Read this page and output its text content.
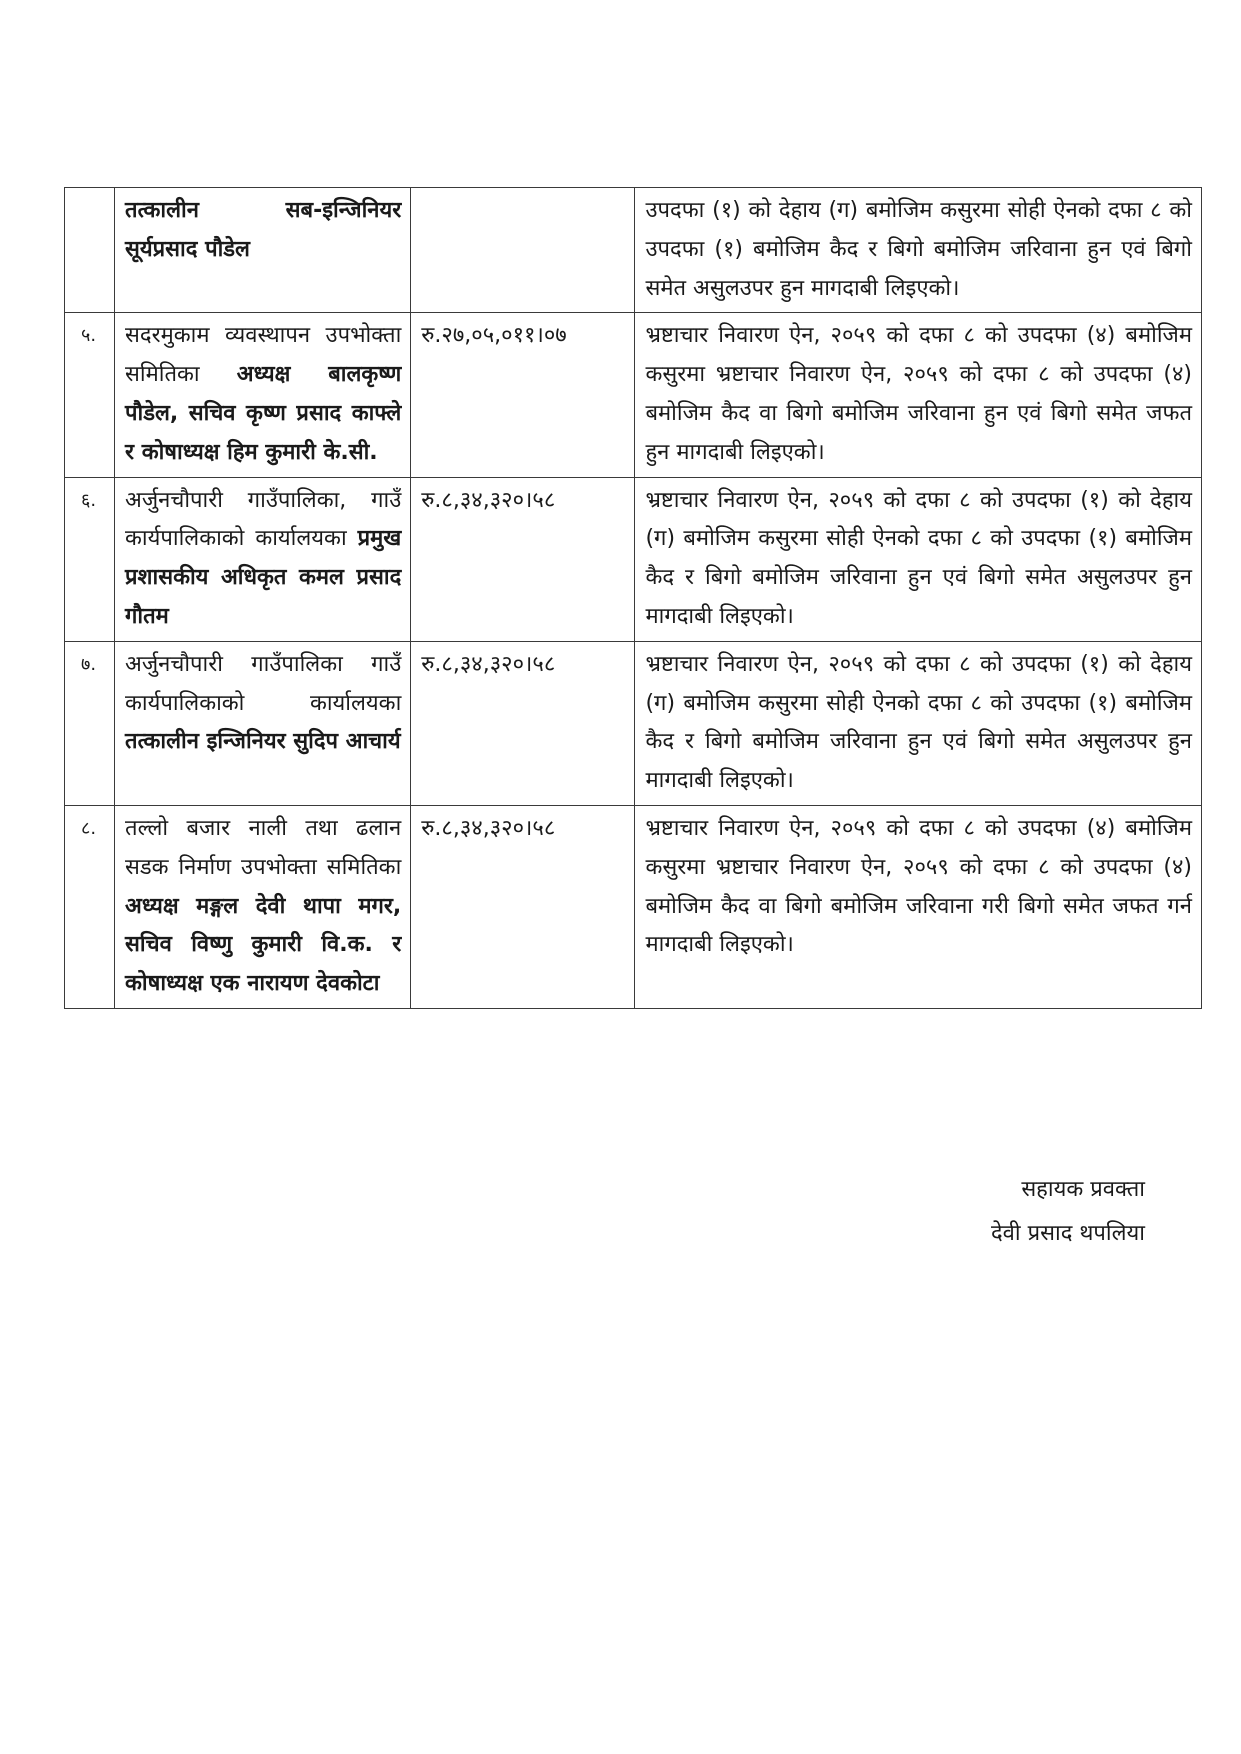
	तत्कालीन सब-इन्जिनियर सूर्यप्रसाद पौडेल		उपदफा (१) को देहाय (ग) बमोजिम कसुरमा सोही ऐनको दफा ८ को उपदफा (१) बमोजिम कैद र बिगो बमोजिम जरिवाना हुन एवं बिगो समेत असुलउपर हुन मागदाबी लिइएको।
५.	सदरमुकाम व्यवस्थापन उपभोक्ता समितिका अध्यक्ष बालकृष्ण पौडेल, सचिव कृष्ण प्रसाद काफ्ले र कोषाध्यक्ष हिम कुमारी के.सी.	रु.२७,०५,०११।०७	भ्रष्टाचार निवारण ऐन, २०५९ को दफा ८ को उपदफा (४) बमोजिम कसुरमा भ्रष्टाचार निवारण ऐन, २०५९ को दफा ८ को उपदफा (४) बमोजिम कैद वा बिगो बमोजिम जरिवाना हुन एवं बिगो समेत जफत हुन मागदाबी लिइएको।
६.	अर्जुनचौपारी गाउँपालिका, गाउँ कार्यपालिकाको कार्यालयका प्रमुख प्रशासकीय अधिकृत कमल प्रसाद गौतम	रु.८,३४,३२०।५८	भ्रष्टाचार निवारण ऐन, २०५९ को दफा ८ को उपदफा (१) को देहाय (ग) बमोजिम कसुरमा सोही ऐनको दफा ८ को उपदफा (१) बमोजिम कैद र बिगो बमोजिम जरिवाना हुन एवं बिगो समेत असुलउपर हुन मागदाबी लिइएको।
७.	अर्जुनचौपारी गाउँपालिका गाउँ कार्यपालिकाको कार्यालयका तत्कालीन इन्जिनियर सुदिप आचार्य	रु.८,३४,३२०।५८	भ्रष्टाचार निवारण ऐन, २०५९ को दफा ८ को उपदफा (१) को देहाय (ग) बमोजिम कसुरमा सोही ऐनको दफा ८ को उपदफा (१) बमोजिम कैद र बिगो बमोजिम जरिवाना हुन एवं बिगो समेत असुलउपर हुन मागदाबी लिइएको।
८.	तल्लो बजार नाली तथा ढलान सडक निर्माण उपभोक्ता समितिका अध्यक्ष मङ्गल देवी थापा मगर, सचिव विष्णु कुमारी वि.क. र कोषाध्यक्ष एक नारायण देवकोटा	रु.८,३४,३२०।५८	भ्रष्टाचार निवारण ऐन, २०५९ को दफा ८ को उपदफा (४) बमोजिम कसुरमा भ्रष्टाचार निवारण ऐन, २०५९ को दफा ८ को उपदफा (४) बमोजिम कैद वा बिगो बमोजिम जरिवाना गरी बिगो समेत जफत गर्न मागदाबी लिइएको।
सहायक प्रवक्ता
देवी प्रसाद थपलिया
